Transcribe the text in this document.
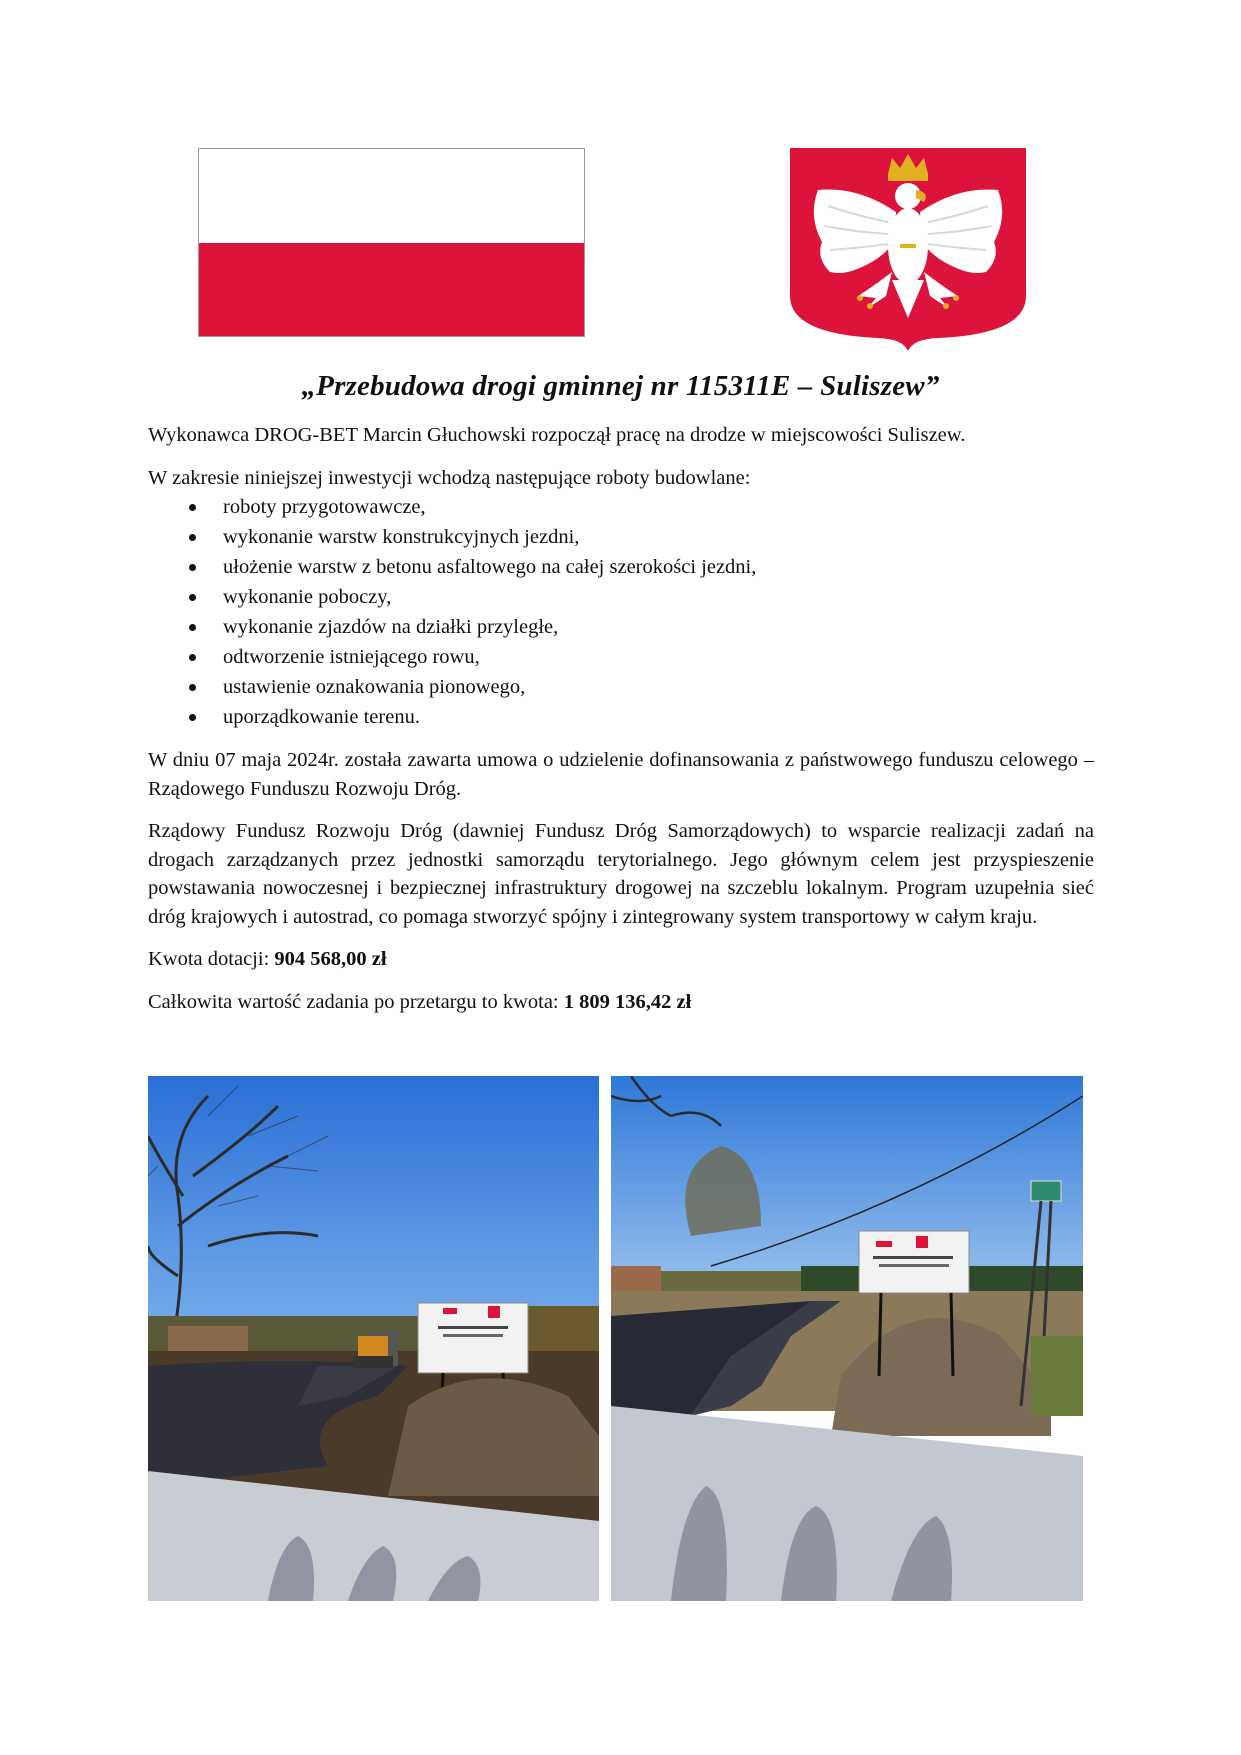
„Przebudowa drogi gminnej nr 115311E – Suliszew”

Wykonawca DROG-BET Marcin Głuchowski rozpoczął pracę na drodze w miejscowości Suliszew.

W zakresie niniejszej inwestycji wchodzą następujące roboty budowlane:

roboty przygotowawcze,
wykonanie warstw konstrukcyjnych jezdni,
ułożenie warstw z betonu asfaltowego na całej szerokości jezdni,
wykonanie poboczy,
wykonanie zjazdów na działki przyległe,
odtworzenie istniejącego rowu,
ustawienie oznakowania pionowego,
uporządkowanie terenu.

W dniu 07 maja 2024r. została zawarta umowa o udzielenie dofinansowania z państwowego funduszu celowego – Rządowego Funduszu Rozwoju Dróg.

Rządowy Fundusz Rozwoju Dróg (dawniej Fundusz Dróg Samorządowych) to wsparcie realizacji zadań na drogach zarządzanych przez jednostki samorządu terytorialnego. Jego głównym celem jest przyspieszenie powstawania nowoczesnej i bezpiecznej infrastruktury drogowej na szczeblu lokalnym. Program uzupełnia sieć dróg krajowych i autostrad, co pomaga stworzyć spójny i zintegrowany system transportowy w całym kraju.

Kwota dotacji: 904 568,00 zł

Całkowita wartość zadania po przetargu to kwota: 1 809 136,42 zł
